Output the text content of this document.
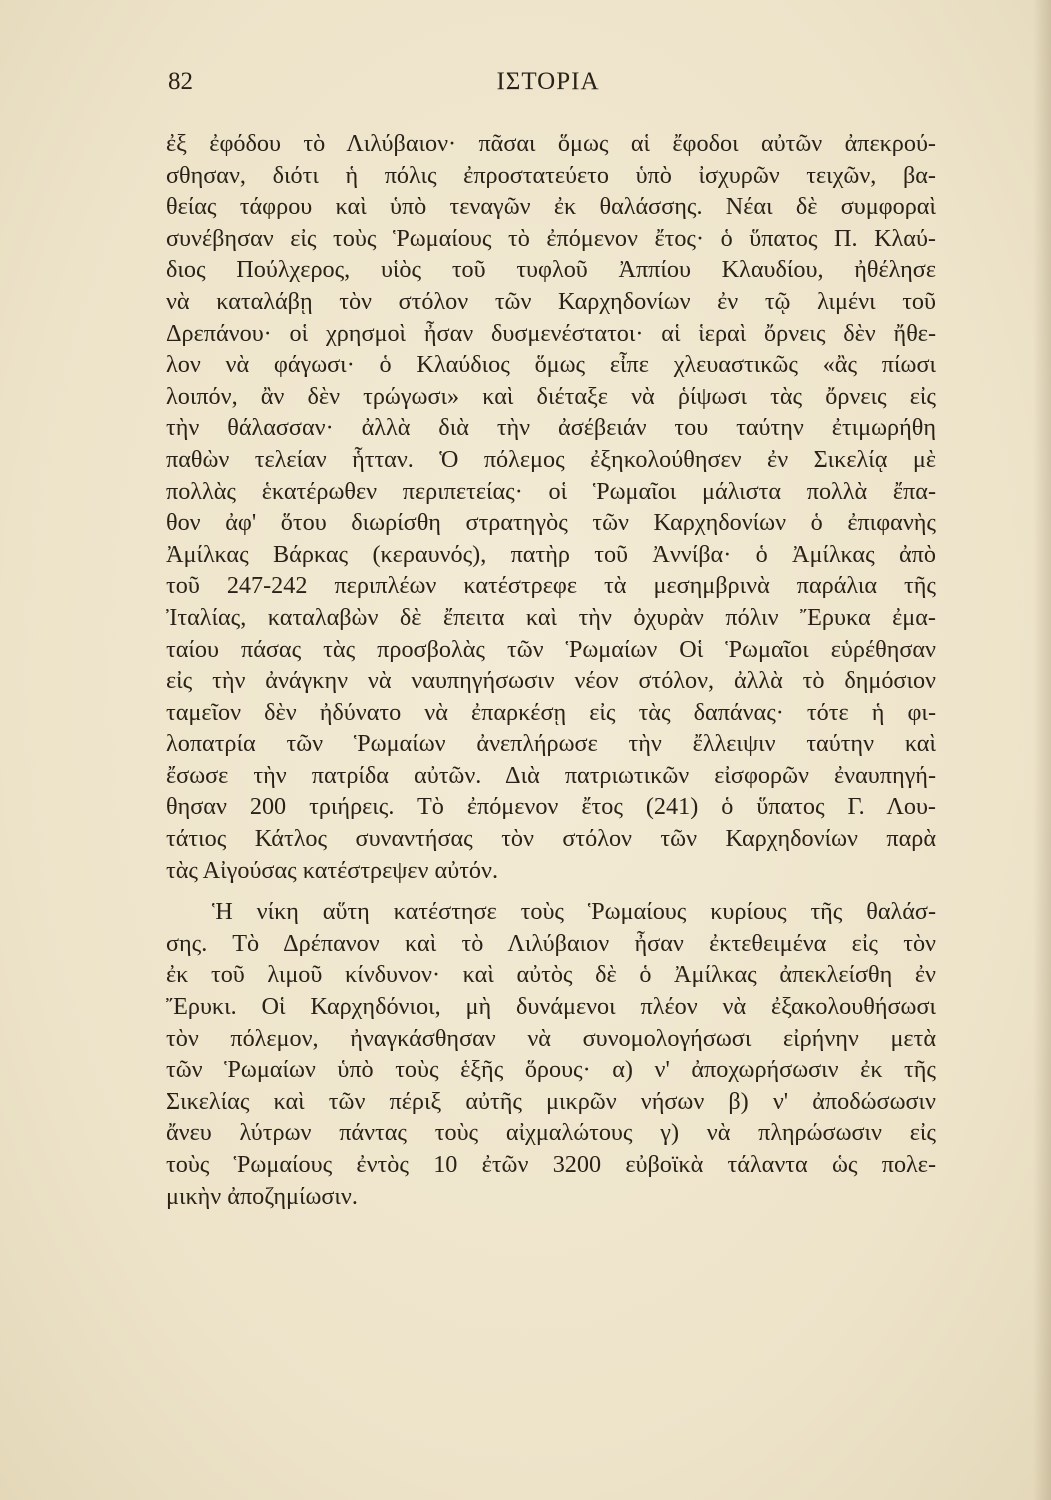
82	ΙΣΤΟΡΙΑ
ἐξ ἐφόδου τὸ Λιλύβαιον· πᾶσαι ὅμως αἱ ἔφοδοι αὐτῶν ἀπεκρού-
σθησαν, διότι ἡ πόλις ἐπροστατεύετο ὑπὸ ἰσχυρῶν τειχῶν, βα-
θείας τάφρου καὶ ὑπὸ τεναγῶν ἐκ θαλάσσης. Νέαι δὲ συμφοραὶ
συνέβησαν εἰς τοὺς Ῥωμαίους τὸ ἐπόμενον ἔτος· ὁ ὕπατος Π. Κλαύ-
διος Πούλχερος, υἱὸς τοῦ τυφλοῦ Ἀππίου Κλαυδίου, ἠθέλησε
νὰ καταλάβῃ τὸν στόλον τῶν Καρχηδονίων ἐν τῷ λιμένι τοῦ
Δρεπάνου· οἱ χρησμοὶ ἦσαν δυσμενέστατοι· αἱ ἱεραὶ ὄρνεις δὲν ἤθε-
λον νὰ φάγωσι· ὁ Κλαύδιος ὅμως εἶπε χλευαστικῶς «ἂς πίωσι
λοιπόν, ἂν δὲν τρώγωσι» καὶ διέταξε νὰ ῥίψωσι τὰς ὄρνεις εἰς
τὴν θάλασσαν· ἀλλὰ διὰ τὴν ἀσέβειάν του ταύτην ἐτιμωρήθη
παθὼν τελείαν ἧτταν. Ὁ πόλεμος ἐξηκολούθησεν ἐν Σικελίᾳ μὲ
πολλὰς ἑκατέρωθεν περιπετείας· οἱ Ῥωμαῖοι μάλιστα πολλὰ ἔπα-
θον ἀφ' ὅτου διωρίσθη στρατηγὸς τῶν Καρχηδονίων ὁ ἐπιφανὴς
Ἀμίλκας Βάρκας (κεραυνός), πατὴρ τοῦ Ἀννίβα· ὁ Ἀμίλκας ἀπὸ
τοῦ 247-242 περιπλέων κατέστρεφε τὰ μεσημβρινὰ παράλια τῆς
Ἰταλίας, καταλαβὼν δὲ ἔπειτα καὶ τὴν ὀχυρὰν πόλιν Ἔρυκα ἐμα-
ταίου πάσας τὰς προσβολὰς τῶν Ῥωμαίων Οἱ Ῥωμαῖοι εὑρέθησαν
εἰς τὴν ἀνάγκην νὰ ναυπηγήσωσιν νέον στόλον, ἀλλὰ τὸ δημόσιον
ταμεῖον δὲν ἠδύνατο νὰ ἐπαρκέσῃ εἰς τὰς δαπάνας· τότε ἡ φι-
λοπατρία τῶν Ῥωμαίων ἀνεπλήρωσε τὴν ἔλλειψιν ταύτην καὶ
ἔσωσε τὴν πατρίδα αὐτῶν. Διὰ πατριωτικῶν εἰσφορῶν ἐναυπηγή-
θησαν 200 τριήρεις. Τὸ ἐπόμενον ἔτος (241) ὁ ὕπατος Γ. Λου-
τάτιος Κάτλος συναντήσας τὸν στόλον τῶν Καρχηδονίων παρὰ
τὰς Αἰγούσας κατέστρεψεν αὐτόν.
Ἡ νίκη αὕτη κατέστησε τοὺς Ῥωμαίους κυρίους τῆς θαλάσ-
σης. Τὸ Δρέπανον καὶ τὸ Λιλύβαιον ἦσαν ἐκτεθειμένα εἰς τὸν
ἐκ τοῦ λιμοῦ κίνδυνον· καὶ αὐτὸς δὲ ὁ Ἀμίλκας ἀπεκλείσθη ἐν
Ἔρυκι. Οἱ Καρχηδόνιοι, μὴ δυνάμενοι πλέον νὰ ἐξακολουθήσωσι
τὸν πόλεμον, ἠναγκάσθησαν νὰ συνομολογήσωσι εἰρήνην μετὰ
τῶν Ῥωμαίων ὑπὸ τοὺς ἑξῆς ὅρους· α) ν' ἀποχωρήσωσιν ἐκ τῆς
Σικελίας καὶ τῶν πέριξ αὐτῆς μικρῶν νήσων β) ν' ἀποδώσωσιν
ἄνευ λύτρων πάντας τοὺς αἰχμαλώτους γ) νὰ πληρώσωσιν εἰς
τοὺς Ῥωμαίους ἐντὸς 10 ἐτῶν 3200 εὐβοϊκὰ τάλαντα ὡς πολε-
μικὴν ἀποζημίωσιν.
